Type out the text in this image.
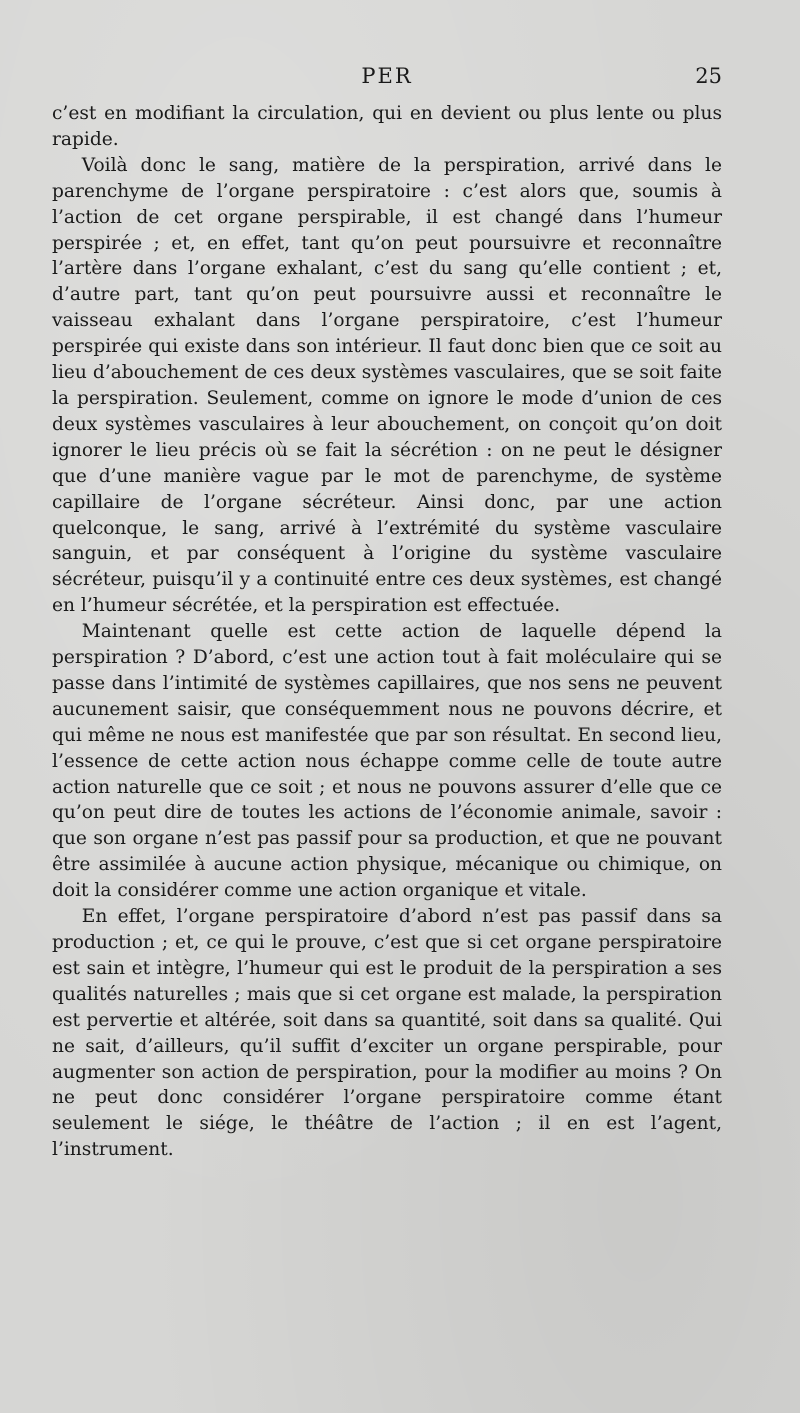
PER	25

c’est en modifiant la circulation, qui en devient ou plus lente ou plus rapide.

Voilà donc le sang, matière de la perspiration, arrivé dans le parenchyme de l’organe perspiratoire : c’est alors que, soumis à l’action de cet organe perspirable, il est changé dans l’humeur perspirée ; et, en effet, tant qu’on peut poursuivre et reconnaître l’artère dans l’organe exhalant, c’est du sang qu’elle contient ; et, d’autre part, tant qu’on peut poursuivre aussi et reconnaître le vaisseau exhalant dans l’organe perspiratoire, c’est l’humeur perspirée qui existe dans son intérieur. Il faut donc bien que ce soit au lieu d’abouchement de ces deux systèmes vasculaires, que se soit faite la perspiration. Seulement, comme on ignore le mode d’union de ces deux systèmes vasculaires à leur abouchement, on conçoit qu’on doit ignorer le lieu précis où se fait la sécrétion : on ne peut le désigner que d’une manière vague par le mot de parenchyme, de système capillaire de l’organe sécréteur. Ainsi donc, par une action quelconque, le sang, arrivé à l’extrémité du système vasculaire sanguin, et par conséquent à l’origine du système vasculaire sécréteur, puisqu’il y a continuité entre ces deux systèmes, est changé en l’humeur sécrétée, et la perspiration est effectuée.

Maintenant quelle est cette action de laquelle dépend la perspiration ? D’abord, c’est une action tout à fait moléculaire qui se passe dans l’intimité de systèmes capillaires, que nos sens ne peuvent aucunement saisir, que conséquemment nous ne pouvons décrire, et qui même ne nous est manifestée que par son résultat. En second lieu, l’essence de cette action nous échappe comme celle de toute autre action naturelle que ce soit ; et nous ne pouvons assurer d’elle que ce qu’on peut dire de toutes les actions de l’économie animale, savoir : que son organe n’est pas passif pour sa production, et que ne pouvant être assimilée à aucune action physique, mécanique ou chimique, on doit la considérer comme une action organique et vitale.

En effet, l’organe perspiratoire d’abord n’est pas passif dans sa production ; et, ce qui le prouve, c’est que si cet organe perspiratoire est sain et intègre, l’humeur qui est le produit de la perspiration a ses qualités naturelles ; mais que si cet organe est malade, la perspiration est pervertie et altérée, soit dans sa quantité, soit dans sa qualité. Qui ne sait, d’ailleurs, qu’il suffit d’exciter un organe perspirable, pour augmenter son action de perspiration, pour la modifier au moins ? On ne peut donc considérer l’organe perspiratoire comme étant seulement le siége, le théâtre de l’action ; il en est l’agent, l’instrument.
